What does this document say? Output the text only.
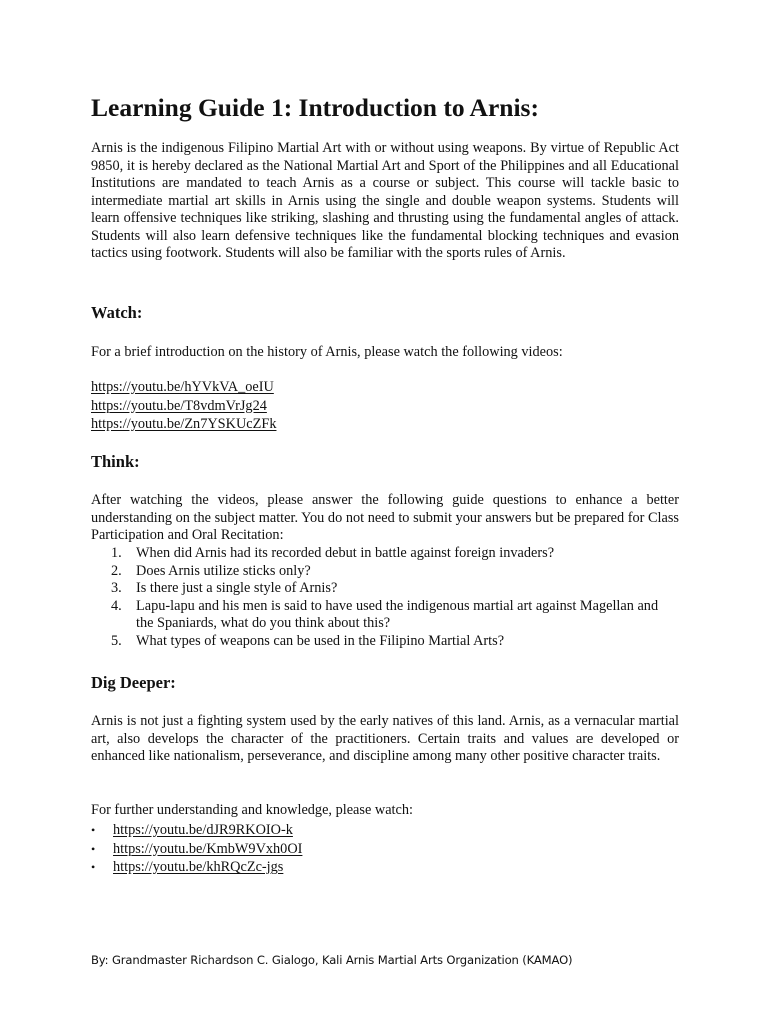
Learning Guide 1: Introduction to Arnis:

Arnis is the indigenous Filipino Martial Art with or without using weapons. By virtue of Republic Act 9850, it is hereby declared as the National Martial Art and Sport of the Philippines and all Educational Institutions are mandated to teach Arnis as a course or subject. This course will tackle basic to intermediate martial art skills in Arnis using the single and double weapon systems. Students will learn offensive techniques like striking, slashing and thrusting using the fundamental angles of attack. Students will also learn defensive techniques like the fundamental blocking techniques and evasion tactics using footwork. Students will also be familiar with the sports rules of Arnis.

Watch:

For a brief introduction on the history of Arnis, please watch the following videos:

https://youtu.be/hYVkVA_oeIU
https://youtu.be/T8vdmVrJg24
https://youtu.be/Zn7YSKUcZFk
Think:

After watching the videos, please answer the following guide questions to enhance a better understanding on the subject matter. You do not need to submit your answers but be prepared for Class Participation and Oral Recitation:

1. When did Arnis had its recorded debut in battle against foreign invaders?
2. Does Arnis utilize sticks only?
3. Is there just a single style of Arnis?
4. Lapu-lapu and his men is said to have used the indigenous martial art against Magellan and the Spaniards, what do you think about this?
5. What types of weapons can be used in the Filipino Martial Arts?
Dig Deeper:

Arnis is not just a fighting system used by the early natives of this land. Arnis, as a vernacular martial art, also develops the character of the practitioners. Certain traits and values are developed or enhanced like nationalism, perseverance, and discipline among many other positive character traits.

For further understanding and knowledge, please watch:

• https://youtu.be/dJR9RKOIO-k
• https://youtu.be/KmbW9Vxh0OI
• https://youtu.be/khRQcZc-jgs

By: Grandmaster Richardson C. Gialogo, Kali Arnis Martial Arts Organization (KAMAO)
